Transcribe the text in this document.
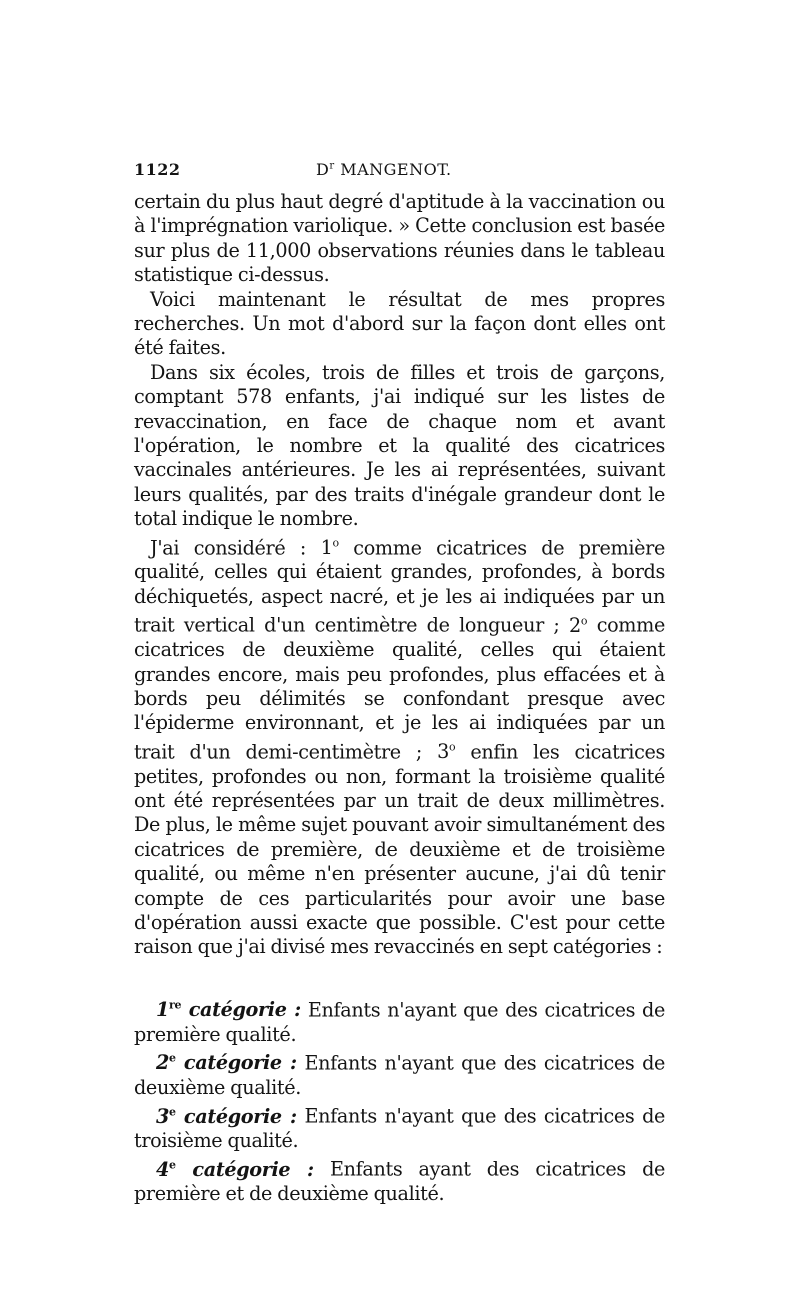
1122	$D^r$ MANGENOT.

certain du plus haut degré d'aptitude à la vaccination ou à l'imprégnation variolique. » Cette conclusion est basée sur plus de 11,000 observations réunies dans le tableau statistique ci-dessus.

Voici maintenant le résultat de mes propres recherches. Un mot d'abord sur la façon dont elles ont été faites.

Dans six écoles, trois de filles et trois de garçons, comptant 578 enfants, j'ai indiqué sur les listes de revaccination, en face de chaque nom et avant l'opération, le nombre et la qualité des cicatrices vaccinales antérieures. Je les ai représentées, suivant leurs qualités, par des traits d'inégale grandeur dont le total indique le nombre.

J'ai considéré : 1$^o$ comme cicatrices de première qualité, celles qui étaient grandes, profondes, à bords déchiquetés, aspect nacré, et je les ai indiquées par un trait vertical d'un centimètre de longueur ; 2$^o$ comme cicatrices de deuxième qualité, celles qui étaient grandes encore, mais peu profondes, plus effacées et à bords peu délimités se confondant presque avec l'épiderme environnant, et je les ai indiquées par un trait d'un demi-centimètre ; 3$^o$ enfin les cicatrices petites, profondes ou non, formant la troisième qualité ont été représentées par un trait de deux millimètres. De plus, le même sujet pouvant avoir simultanément des cicatrices de première, de deuxième et de troisième qualité, ou même n'en présenter aucune, j'ai dû tenir compte de ces particularités pour avoir une base d'opération aussi exacte que possible. C'est pour cette raison que j'ai divisé mes revaccinés en sept catégories :

1re catégorie : Enfants n'ayant que des cicatrices de première qualité.

2e catégorie : Enfants n'ayant que des cicatrices de deuxième qualité.

3e catégorie : Enfants n'ayant que des cicatrices de troisième qualité.

4e catégorie : Enfants ayant des cicatrices de première et de deuxième qualité.
